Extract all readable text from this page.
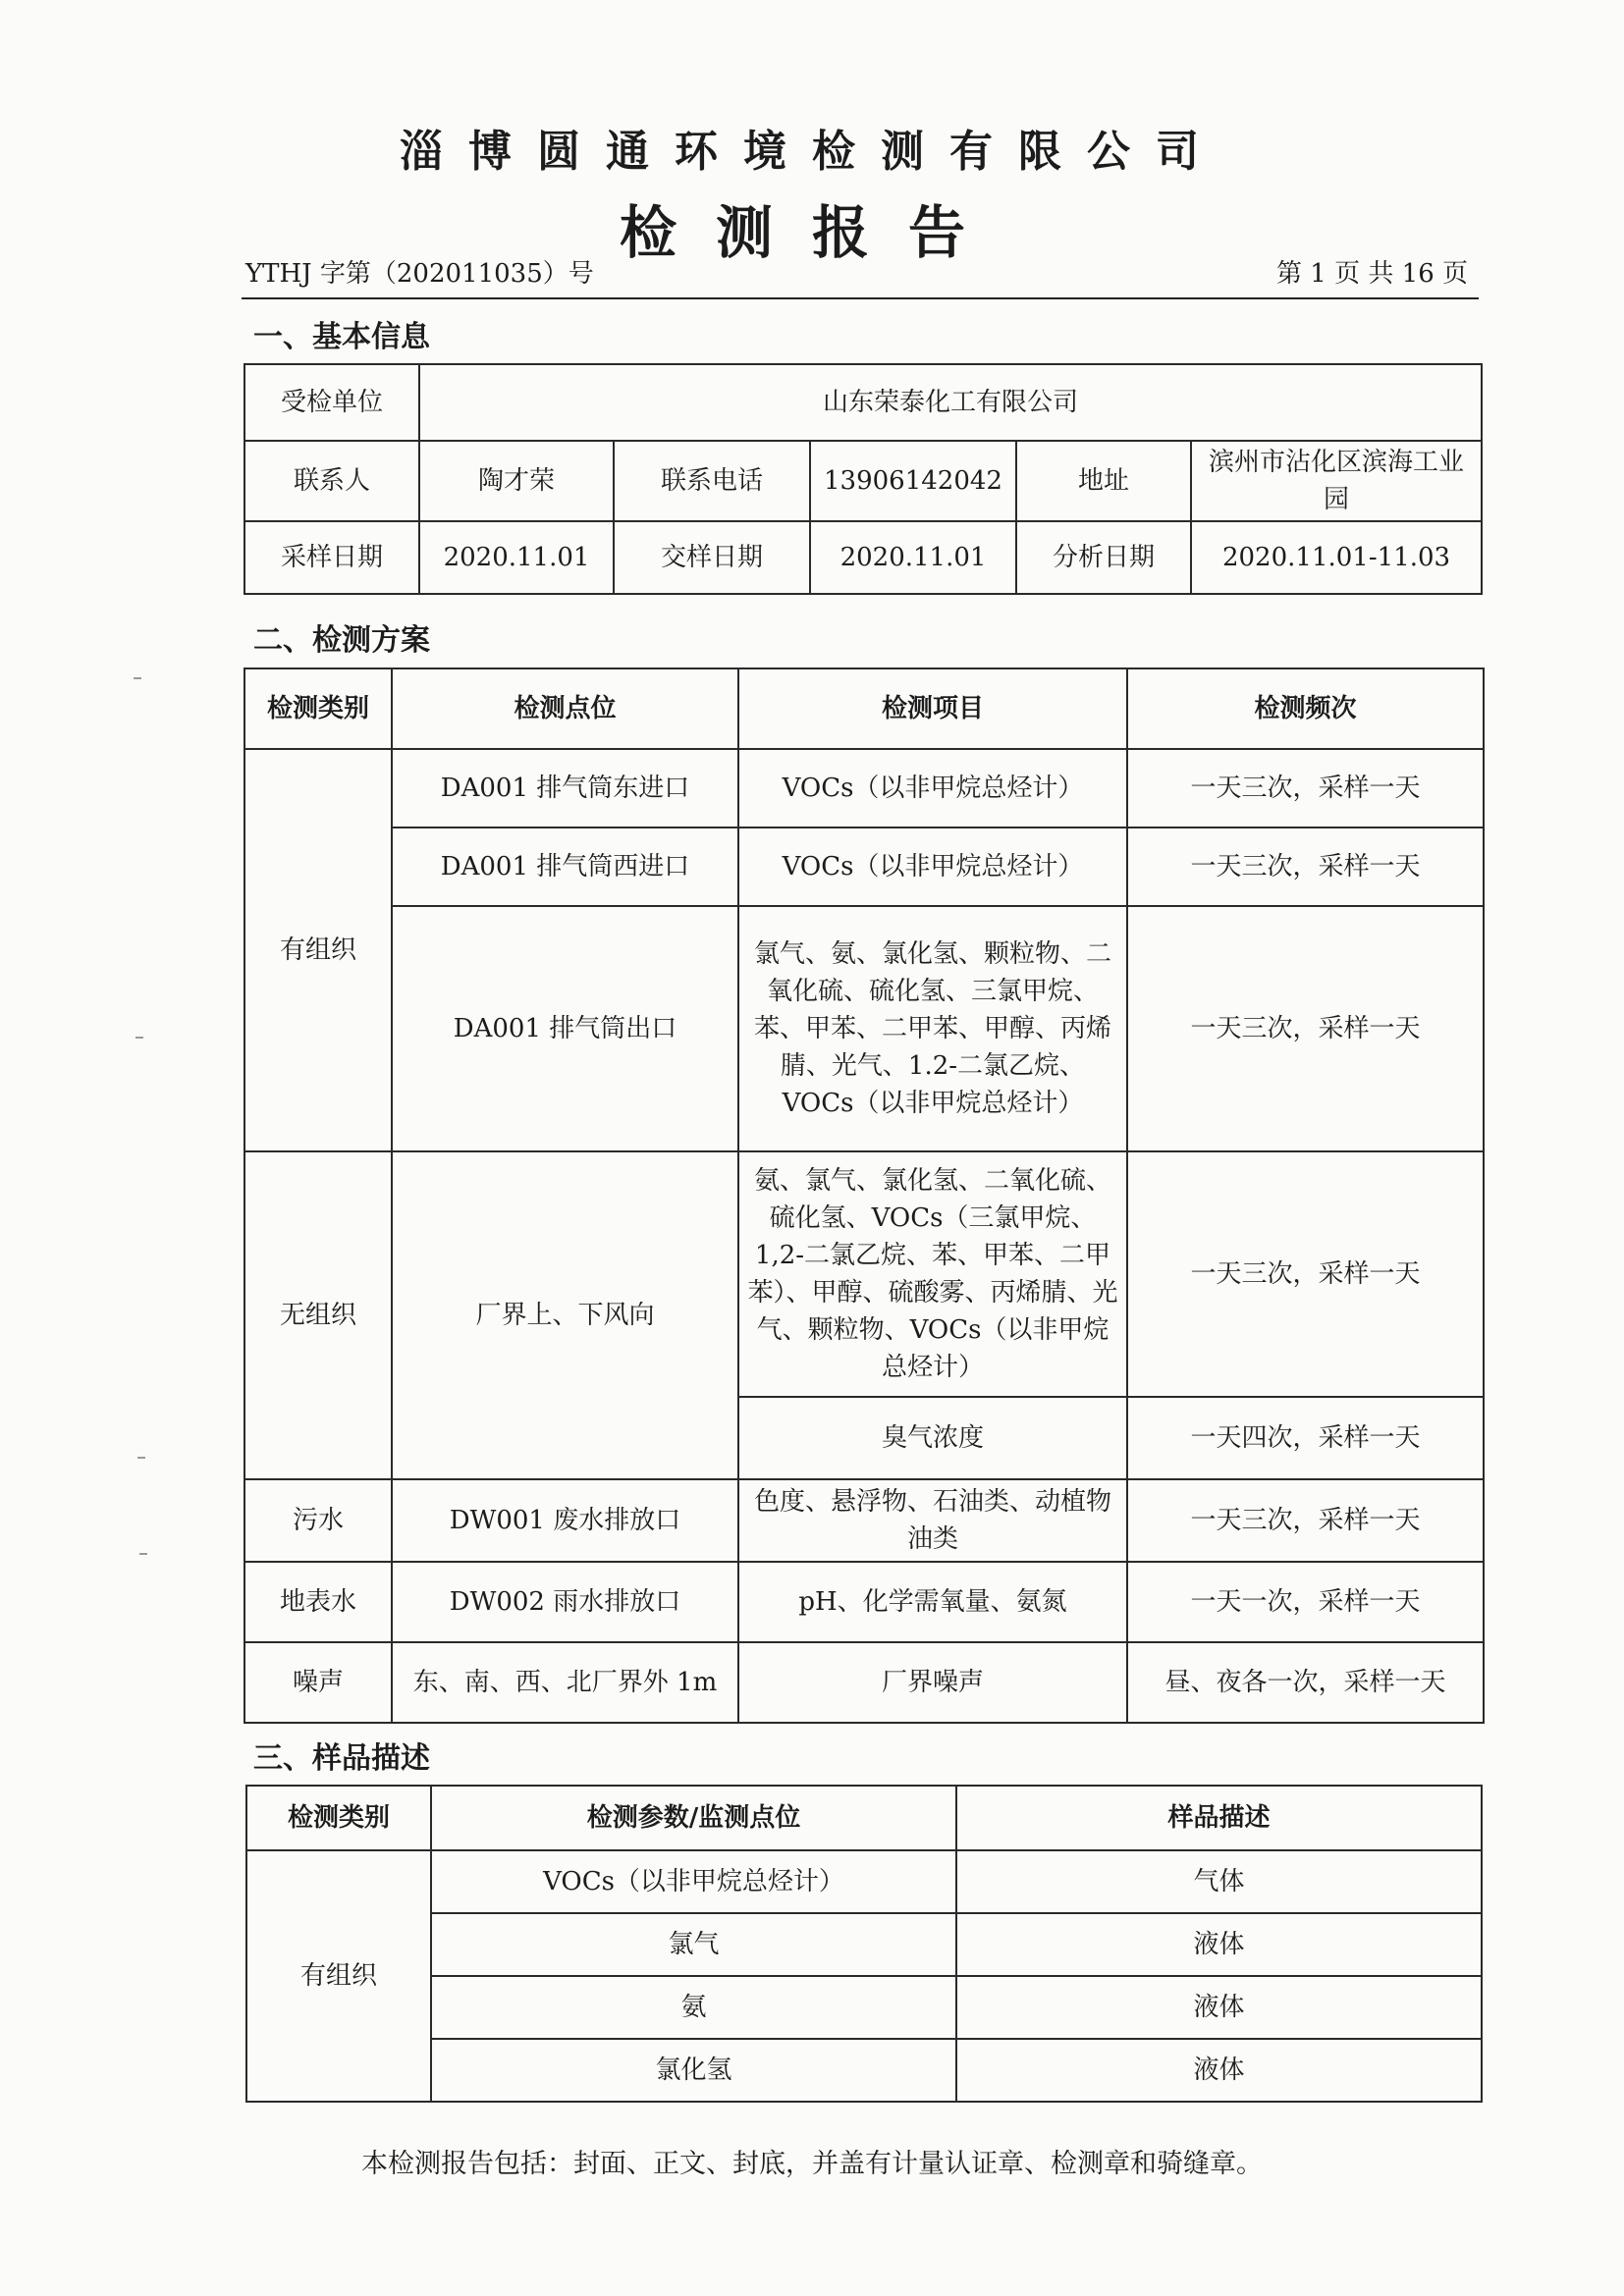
淄博圆通环境检测有限公司
检测报告
YTHJ 字第（202011035）号	第 1 页 共 16 页
一、基本信息
受检单位	山东荣泰化工有限公司				
联系人	陶才荣	联系电话	13906142042	地址	滨州市沾化区滨海工业园
采样日期	2020.11.01	交样日期	2020.11.01	分析日期	2020.11.01-11.03
二、检测方案
检测类别	检测点位	检测项目	检测频次
有组织	DA001 排气筒东进口	VOCs（以非甲烷总烃计）	一天三次，采样一天
	DA001 排气筒西进口	VOCs（以非甲烷总烃计）	一天三次，采样一天
	DA001 排气筒出口	氯气、氨、氯化氢、颗粒物、二氧化硫、硫化氢、三氯甲烷、苯、甲苯、二甲苯、甲醇、丙烯腈、光气、1.2-二氯乙烷、VOCs（以非甲烷总烃计）	一天三次，采样一天
无组织	厂界上、下风向	氨、氯气、氯化氢、二氧化硫、硫化氢、VOCs（三氯甲烷、1,2-二氯乙烷、苯、甲苯、二甲苯）、甲醇、硫酸雾、丙烯腈、光气、颗粒物、VOCs（以非甲烷总烃计）	一天三次，采样一天
		臭气浓度	一天四次，采样一天
污水	DW001 废水排放口	色度、悬浮物、石油类、动植物油类	一天三次，采样一天
地表水	DW002 雨水排放口	pH、化学需氧量、氨氮	一天一次，采样一天
噪声	东、南、西、北厂界外 1m	厂界噪声	昼、夜各一次，采样一天
三、样品描述
检测类别	检测参数/监测点位	样品描述
有组织	VOCs（以非甲烷总烃计）	气体
	氯气	液体
	氨	液体
	氯化氢	液体
本检测报告包括：封面、正文、封底，并盖有计量认证章、检测章和骑缝章。
